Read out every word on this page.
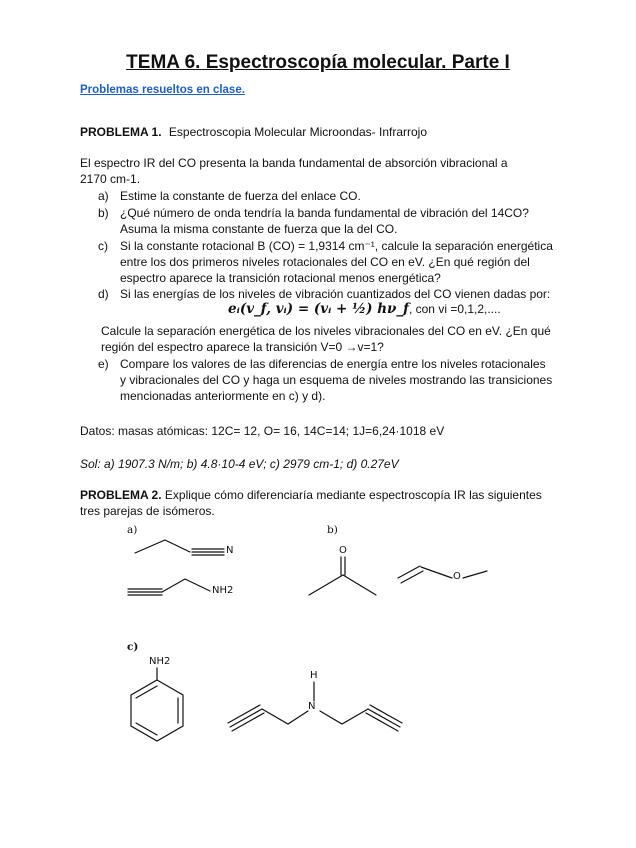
TEMA 6. Espectroscopía molecular. Parte I
Problemas resueltos en clase.
PROBLEMA 1. Espectroscopia Molecular Microondas- Infrarrojo
El espectro IR del CO presenta la banda fundamental de absorción vibracional a
2170 cm-1.
a) Estime la constante de fuerza del enlace CO.
b) ¿Qué número de onda tendría la banda fundamental de vibración del 14CO?
Asuma la misma constante de fuerza que la del CO.
c) Si la constante rotacional B (CO) = 1,9314 cm⁻¹, calcule la separación energética
entre los dos primeros niveles rotacionales del CO en eV. ¿En qué región del
espectro aparece la transición rotacional menos energética?
d) Si las energías de los niveles de vibración cuantizados del CO vienen dadas por:
eᵢ(v_f, vᵢ) = (vᵢ + ½) hν_f, con vi =0,1,2,....
Calcule la separación energética de los niveles vibracionales del CO en eV. ¿En qué
región del espectro aparece la transición V=0 →v=1?
e) Compare los valores de las diferencias de energía entre los niveles rotacionales
y vibracionales del CO y haga un esquema de niveles mostrando las transiciones
mencionadas anteriormente en c) y d).
Datos: masas atómicas: 12C= 12, O= 16, 14C=14; 1J=6,24·1018 eV
Sol: a) 1907.3 N/m; b) 4.8·10-4 eV; c) 2979 cm-1; d) 0.27eV
PROBLEMA 2. Explique cómo diferenciaría mediante espectroscopía IR las siguientes
tres parejas de isómeros.
a)	b)
c)
N
NH2
O
O
NH2
H
N
